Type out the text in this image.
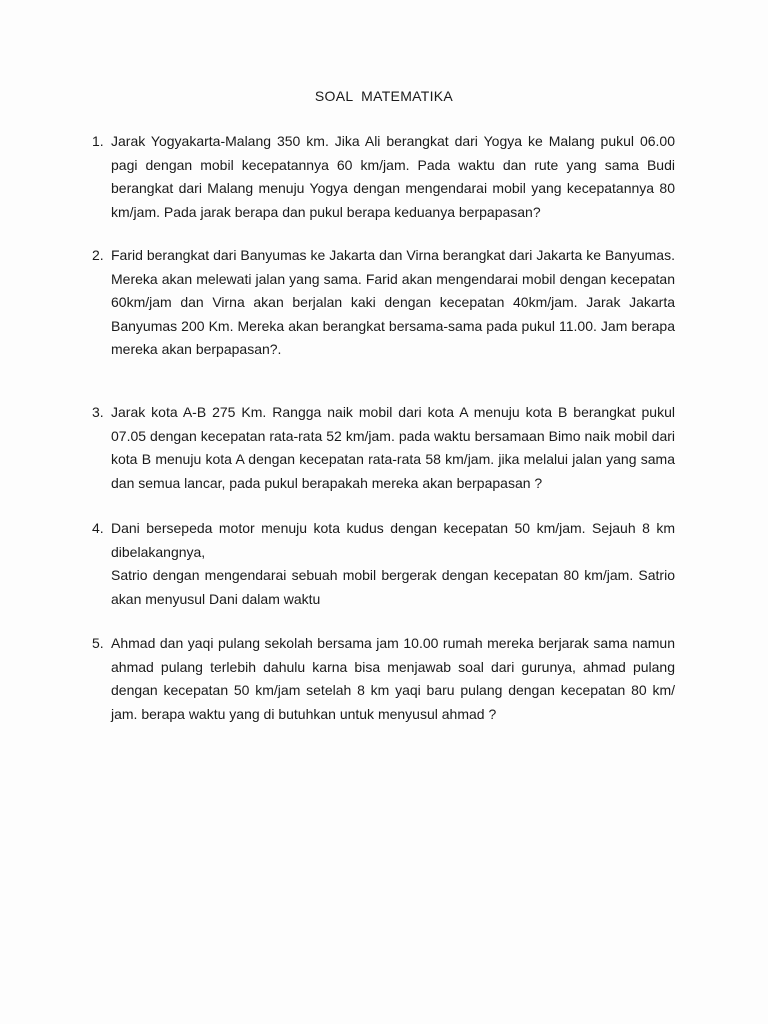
SOAL MATEMATIKA
1. Jarak Yogyakarta-Malang 350 km. Jika Ali berangkat dari Yogya ke Malang pukul 06.00 pagi dengan mobil kecepatannya 60 km/jam. Pada waktu dan rute yang sama Budi berangkat dari Malang menuju Yogya dengan mengendarai mobil yang kecepatannya 80 km/jam. Pada jarak berapa dan pukul berapa keduanya berpapasan?
2. Farid berangkat dari Banyumas ke Jakarta dan Virna berangkat dari Jakarta ke Banyumas. Mereka akan melewati jalan yang sama. Farid akan mengendarai mobil dengan kecepatan 60km/jam dan Virna akan berjalan kaki dengan kecepatan 40km/jam. Jarak Jakarta Banyumas 200 Km. Mereka akan berangkat bersama-sama pada pukul 11.00. Jam berapa mereka akan berpapasan?.
3. Jarak kota A-B 275 Km. Rangga naik mobil dari kota A menuju kota B berangkat pukul 07.05 dengan kecepatan rata-rata 52 km/jam. pada waktu bersamaan Bimo naik mobil dari kota B menuju kota A dengan kecepatan rata-rata 58 km/jam. jika melalui jalan yang sama dan semua lancar, pada pukul berapakah mereka akan berpapasan ?
4. Dani bersepeda motor menuju kota kudus dengan kecepatan 50 km/jam. Sejauh 8 km dibelakangnya,
Satrio dengan mengendarai sebuah mobil bergerak dengan kecepatan 80 km/jam. Satrio akan menyusul Dani dalam waktu
5. Ahmad dan yaqi pulang sekolah bersama jam 10.00 rumah mereka berjarak sama namun ahmad pulang terlebih dahulu karna bisa menjawab soal dari gurunya, ahmad pulang dengan kecepatan 50 km/jam setelah 8 km yaqi baru pulang dengan kecepatan 80 km/ jam. berapa waktu yang di butuhkan untuk menyusul ahmad ?
